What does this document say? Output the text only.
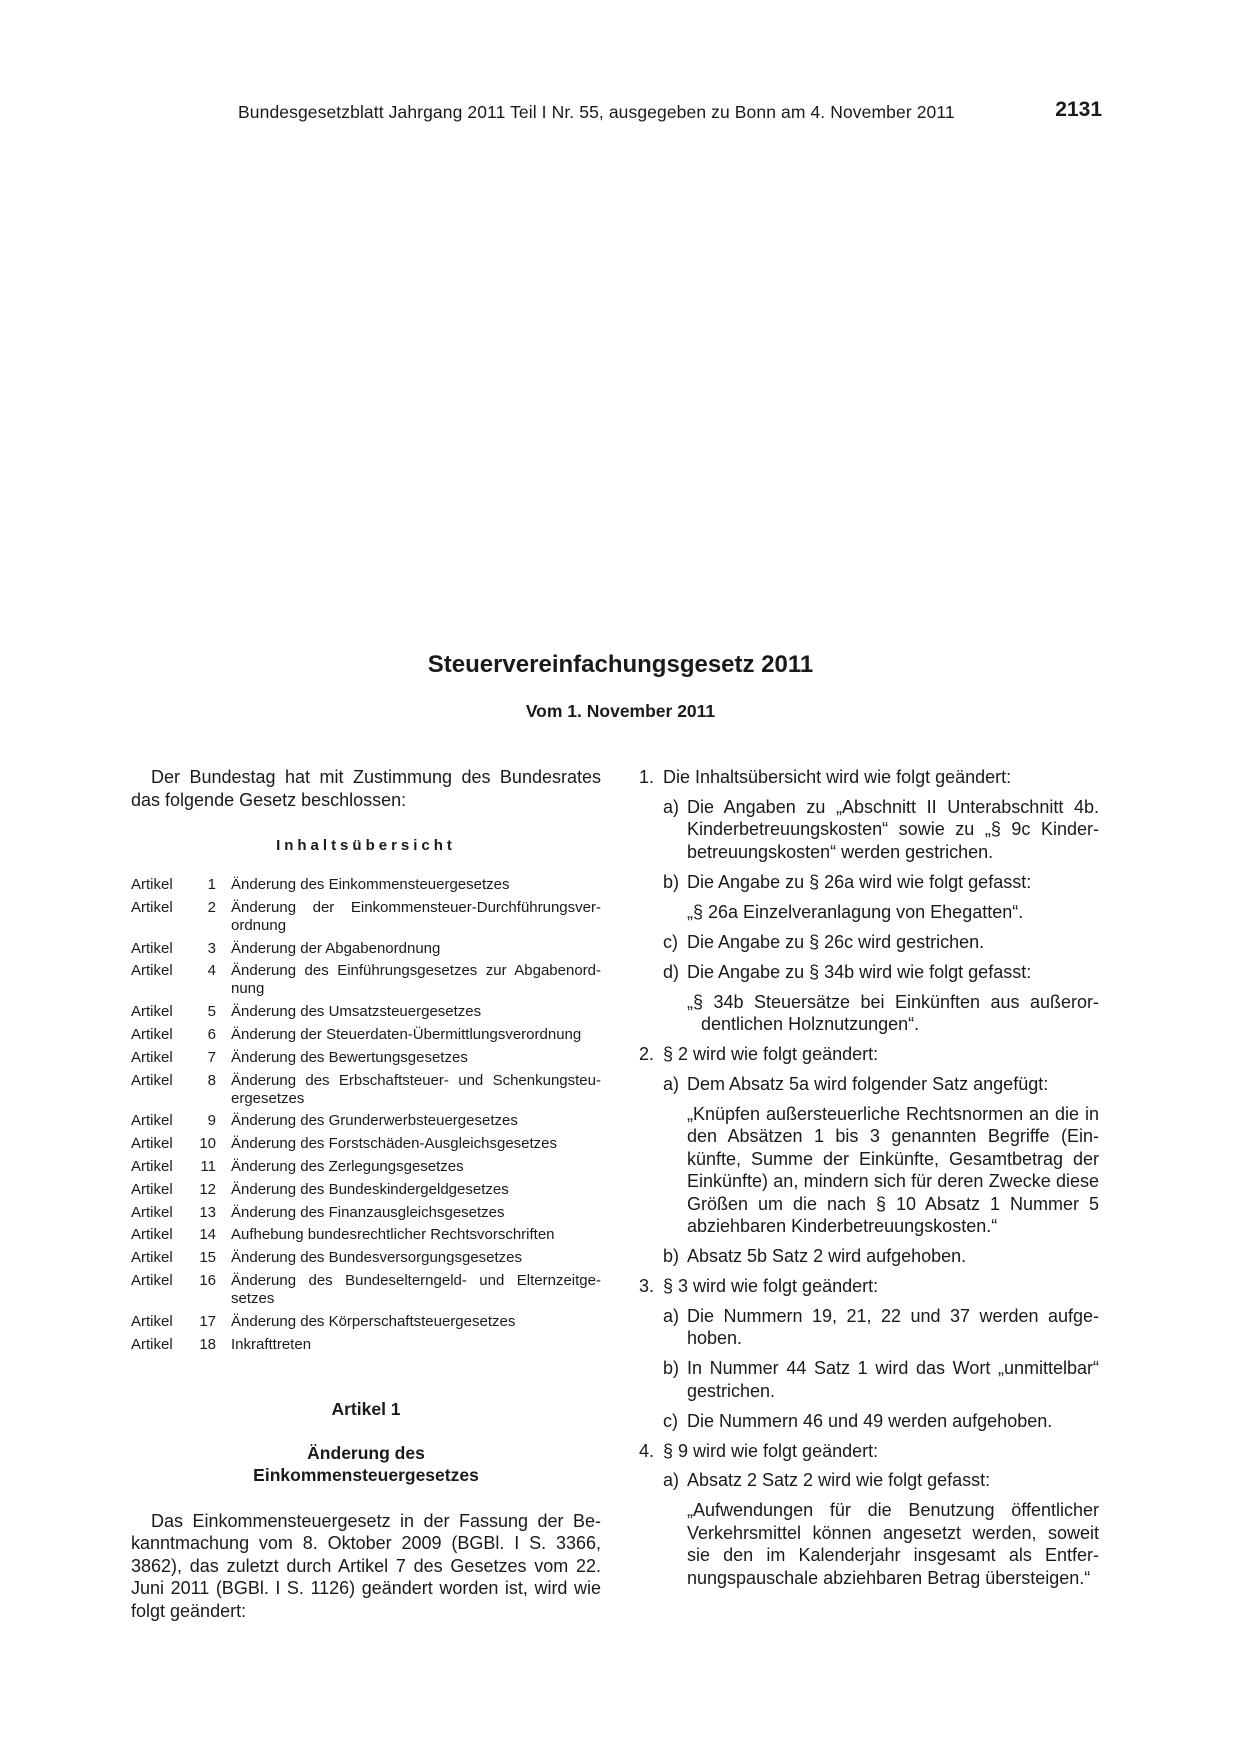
Bundesgesetzblatt Jahrgang 2011 Teil I Nr. 55, ausgegeben zu Bonn am 4. November 2011	2131
Steuervereinfachungsgesetz 2011
Vom 1. November 2011

Der Bundestag hat mit Zustimmung des Bundesrates das folgende Gesetz beschlossen:

Inhaltsübersicht
Artikel	1 Änderung des Einkommensteuergesetzes
Artikel	2 Änderung der Einkommensteuer-Durchführungsverordnung
Artikel	3 Änderung der Abgabenordnung
Artikel	4 Änderung des Einführungsgesetzes zur Abgabenordnung
Artikel	5 Änderung des Umsatzsteuergesetzes
Artikel	6 Änderung der Steuerdaten-Übermittlungsverordnung
Artikel	7 Änderung des Bewertungsgesetzes
Artikel	8 Änderung des Erbschaftsteuer- und Schenkungsteuergesetzes
Artikel	9 Änderung des Grunderwerbsteuergesetzes
Artikel	10 Änderung des Forstschäden-Ausgleichsgesetzes
Artikel	11 Änderung des Zerlegungsgesetzes
Artikel	12 Änderung des Bundeskindergeldgesetzes
Artikel	13 Änderung des Finanzausgleichsgesetzes
Artikel	14 Aufhebung bundesrechtlicher Rechtsvorschriften
Artikel	15 Änderung des Bundesversorgungsgesetzes
Artikel	16 Änderung des Bundeselterngeld- und Elternzeitgesetzes
Artikel	17 Änderung des Körperschaftsteuergesetzes
Artikel	18 Inkrafttreten

Artikel 1

Änderung des

Einkommensteuergesetzes

Das Einkommensteuergesetz in der Fassung der Bekanntmachung vom 8. Oktober 2009 (BGBl. I S. 3366, 3862), das zuletzt durch Artikel 7 des Gesetzes vom 22. Juni 2011 (BGBl. I S. 1126) geändert worden ist, wird wie folgt geändert:

1. Die Inhaltsübersicht wird wie folgt geändert:
a) Die Angaben zu „Abschnitt II Unterabschnitt 4b. Kinderbetreuungskosten“ sowie zu „§ 9c Kinderbetreuungskosten“ werden gestrichen.
b) Die Angabe zu § 26a wird wie folgt gefasst:
„§ 26a Einzelveranlagung von Ehegatten“.
c) Die Angabe zu § 26c wird gestrichen.
d) Die Angabe zu § 34b wird wie folgt gefasst:
„§ 34b Steuersätze bei Einkünften aus außerordentlichen Holznutzungen“.
2. § 2 wird wie folgt geändert:
a) Dem Absatz 5a wird folgender Satz angefügt:
„Knüpfen außersteuerliche Rechtsnormen an die in den Absätzen 1 bis 3 genannten Begriffe (Einkünfte, Summe der Einkünfte, Gesamtbetrag der Einkünfte) an, mindern sich für deren Zwecke diese Größen um die nach § 10 Absatz 1 Nummer 5 abziehbaren Kinderbetreuungskosten.“
b) Absatz 5b Satz 2 wird aufgehoben.
3. § 3 wird wie folgt geändert:
a) Die Nummern 19, 21, 22 und 37 werden aufgehoben.
b) In Nummer 44 Satz 1 wird das Wort „unmittelbar“ gestrichen.
c) Die Nummern 46 und 49 werden aufgehoben.
4. § 9 wird wie folgt geändert:
a) Absatz 2 Satz 2 wird wie folgt gefasst:
„Aufwendungen für die Benutzung öffentlicher Verkehrsmittel können angesetzt werden, soweit sie den im Kalenderjahr insgesamt als Entfernungspauschale abziehbaren Betrag übersteigen.“
